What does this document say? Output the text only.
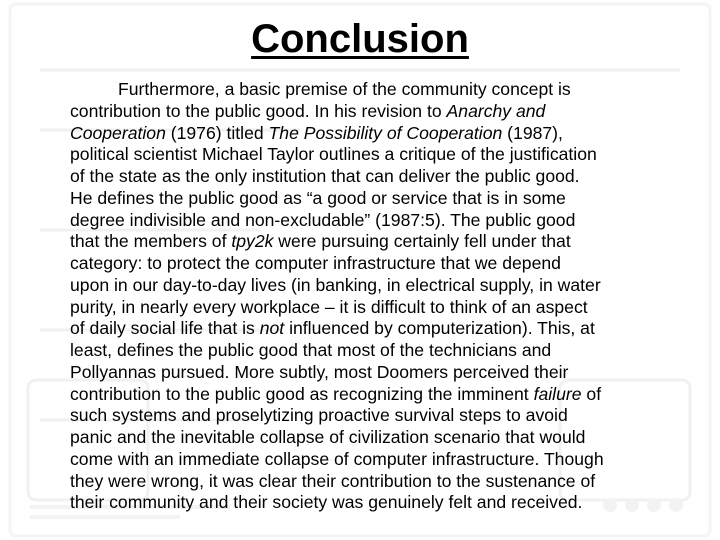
Conclusion
Furthermore, a basic premise of the community concept is
contribution to the public good. In his revision to Anarchy and
Cooperation (1976) titled The Possibility of Cooperation (1987),
political scientist Michael Taylor outlines a critique of the justification
of the state as the only institution that can deliver the public good.
He defines the public good as “a good or service that is in some
degree indivisible and non-excludable” (1987:5). The public good
that the members of tpy2k were pursuing certainly fell under that
category: to protect the computer infrastructure that we depend
upon in our day-to-day lives (in banking, in electrical supply, in water
purity, in nearly every workplace – it is difficult to think of an aspect
of daily social life that is not influenced by computerization). This, at
least, defines the public good that most of the technicians and
Pollyannas pursued. More subtly, most Doomers perceived their
contribution to the public good as recognizing the imminent failure of
such systems and proselytizing proactive survival steps to avoid
panic and the inevitable collapse of civilization scenario that would
come with an immediate collapse of computer infrastructure. Though
they were wrong, it was clear their contribution to the sustenance of
their community and their society was genuinely felt and received.
